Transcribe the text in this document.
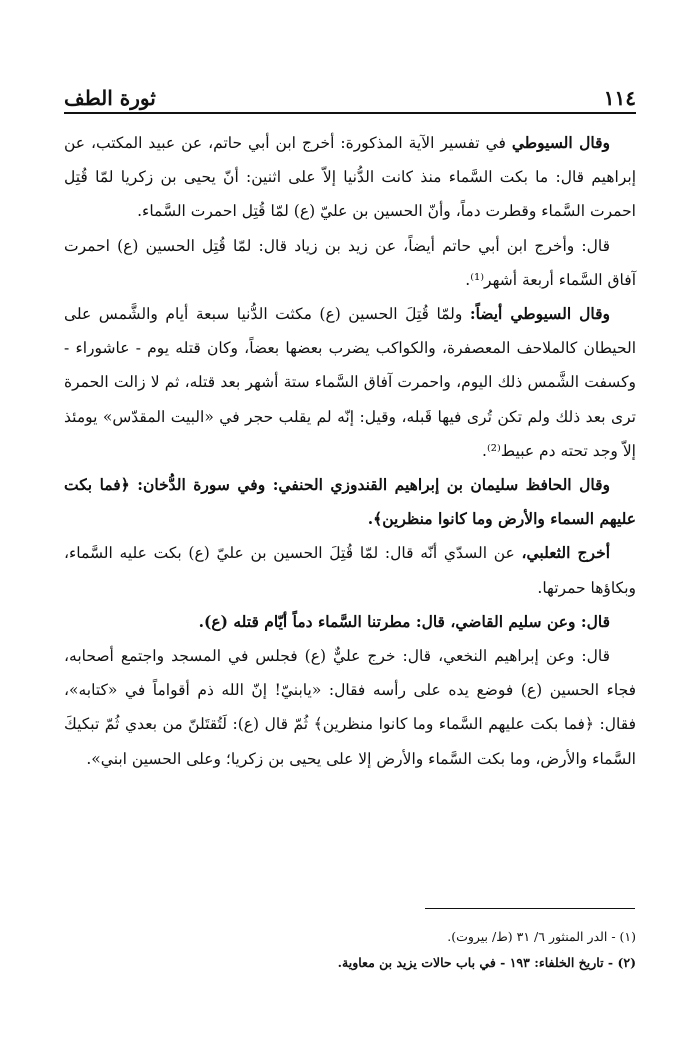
١١٤
ثورة الطف

وقال السيوطي في تفسير الآية المذكورة: أخرج ابن أبي حاتم، عن عبيد المكتب، عن إبراهيم قال: ما بكت السَّماء منذ كانت الدُّنيا إلاّ على اثنين: أنّ يحيى بن زكريا لمّا قُتِل احمرت السَّماء وقطرت دماً، وأنّ الحسين بن عليّ (ع) لمّا قُتِل احمرت السَّماء.

قال: وأخرج ابن أبي حاتم أيضاً، عن زيد بن زياد قال: لمّا قُتِل الحسين (ع) احمرت آفاق السَّماء أربعة أشهر⁽¹⁾.

وقال السيوطي أيضاً: ولمّا قُتِلَ الحسين (ع) مكثت الدُّنيا سبعة أيام والشَّمس على الحيطان كالملاحف المعصفرة، والكواكب يضرب بعضها بعضاً، وكان قتله يوم - عاشوراء - وكسفت الشَّمس ذلك اليوم، واحمرت آفاق السَّماء ستة أشهر بعد قتله، ثم لا زالت الحمرة ترى بعد ذلك ولم تكن تُرى فيها قَبله، وقيل: إنّه لم يقلب حجر في «البيت المقدّس» يومئذ إلاّ وجد تحته دم عبيط⁽²⁾.

وقال الحافظ سليمان بن إبراهيم القندوزي الحنفي: وفي سورة الدُّخان: ﴿فما بكت عليهم السماء والأرض وما كانوا منظرين﴾.

أخرج الثعلبي، عن السدّي أنّه قال: لمّا قُتِلَ الحسين بن عليّ (ع) بكت عليه السَّماء، وبكاؤها حمرتها.

قال: وعن سليم القاضي، قال: مطرتنا السَّماء دماً أيّام قتله (ع).

قال: وعن إبراهيم النخعي، قال: خرج عليٌّ (ع) فجلس في المسجد واجتمع أصحابه، فجاء الحسين (ع) فوضع يده على رأسه فقال: «يابنيّ! إنّ الله ذم أقواماً في «كتابه»، فقال: ﴿فما بكت عليهم السَّماء وما كانوا منظرين﴾ ثُمّ قال (ع): لَتُقتَلنّ من بعدي ثُمّ تبكيكَ السَّماء والأرض، وما بكت السَّماء والأرض إلا على يحيى بن زكريا؛ وعلى الحسين ابني».

(١) - الدر المنثور ٦/ ٣١ (ط/ بيروت).
(٢) - تاريخ الخلفاء: ١٩٣ - في باب حالات يزيد بن معاوية.
